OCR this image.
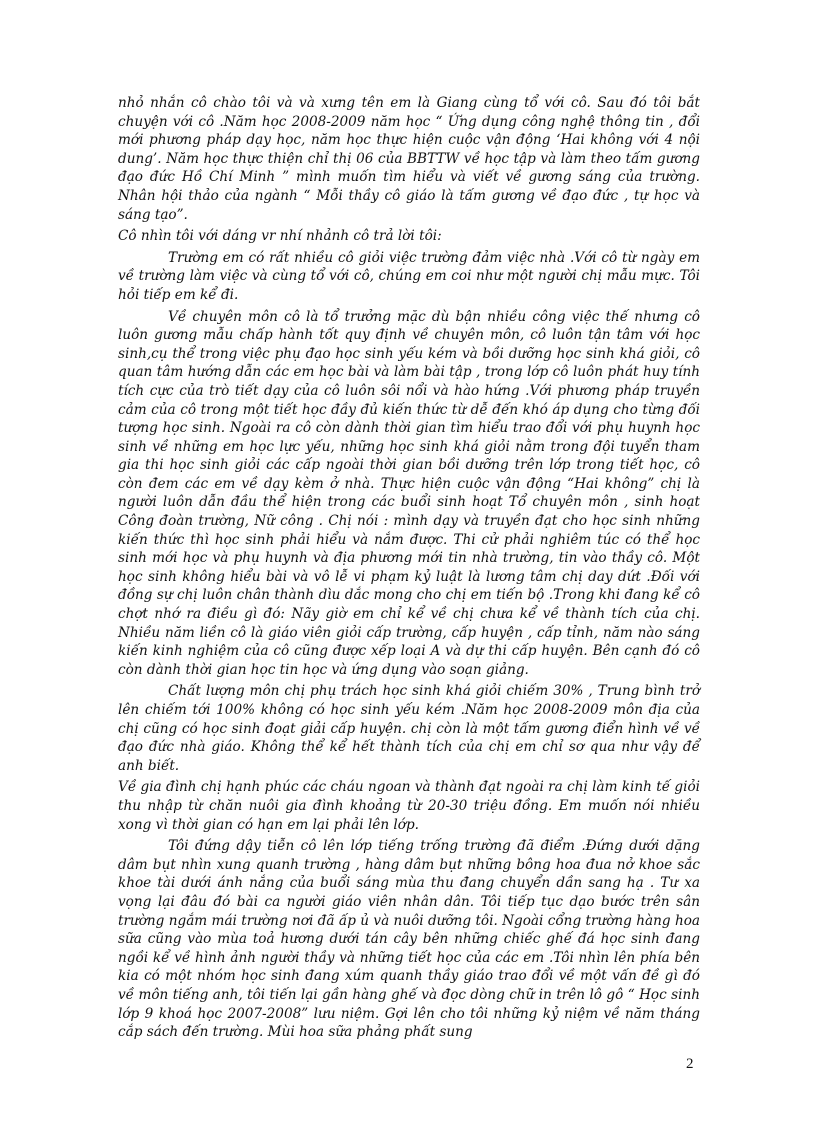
nhỏ nhắn cô chào tôi và và xưng tên em là Giang cùng tổ với cô. Sau đó tôi bắt chuyện với cô .Năm học 2008-2009 năm học “ Ứng dụng công nghệ thông tin , đổi mới phương pháp dạy học, năm học thực hiện cuộc vận động ‘Hai không với 4 nội dung’. Năm học thực thiện chỉ thị 06 của BBTTW về học tập và làm theo tấm gương đạo đức Hồ Chí Minh ” mình muốn tìm hiểu và viết về gương sáng của trường. Nhân hội thảo của ngành “ Mỗi thầy cô giáo là tấm gương về đạo đức , tự học và sáng tạo”.

Cô nhìn tôi với dáng vr nhí nhảnh cô trả lời tôi:

Trường em có rất nhiều cô giỏi việc trường đảm việc nhà .Với cô từ ngày em về trường làm việc và cùng tổ với cô, chúng em coi như một người chị mẫu mực. Tôi hỏi tiếp em kể đi.

Về chuyên môn cô là tổ trưởng mặc dù bận nhiều công việc thế nhưng cô luôn gương mẫu chấp hành tốt quy định về chuyên môn, cô luôn tận tâm với học sinh,cụ thể trong việc phụ đạo học sinh yếu kém và bồi dưỡng học sinh khá giỏi, cô quan tâm hướng dẫn các em học bài và làm bài tập , trong lớp cô luôn phát huy tính tích cực của trò tiết dạy của cô luôn sôi nổi và hào hứng .Với phương pháp truyền cảm của cô trong một tiết học đầy đủ kiến thức từ dễ đến khó áp dụng cho từng đối tượng học sinh. Ngoài ra cô còn dành thời gian tìm hiểu trao đổi với phụ huynh học sinh về những em học lực yếu, những học sinh khá giỏi nằm trong đội tuyển tham gia thi học sinh giỏi các cấp ngoài thời gian bồi dưỡng trên lớp trong tiết học, cô còn đem các em về dạy kèm ở nhà. Thực hiện cuộc vận động “Hai không” chị là người luôn dẫn đầu thể hiện trong các buổi sinh hoạt Tổ chuyên môn , sinh hoạt Công đoàn trường, Nữ công . Chị nói : mình dạy và truyền đạt cho học sinh những kiến thức thì học sinh phải hiểu và nắm được. Thi cử phải nghiêm túc có thể học sinh mới học và phụ huynh và địa phương mới tin nhà trường, tin vào thầy cô. Một học sinh không hiểu bài và vô lễ vi phạm kỷ luật là lương tâm chị day dứt .Đối với đồng sự chị luôn chân thành dìu dắc mong cho chị em tiến bộ .Trong khi đang kể cô chợt nhớ ra điều gì đó: Nãy giờ em chỉ kể về chị chưa kể về thành tích của chị. Nhiều năm liền cô là giáo viên giỏi cấp trường, cấp huyện , cấp tỉnh, năm nào sáng kiến kinh nghiệm của cô cũng được xếp loại A và dự thi cấp huyện. Bên cạnh đó cô còn dành thời gian học tin học và ứng dụng vào soạn giảng.

Chất lượng môn chị phụ trách học sinh khá giỏi chiếm 30% , Trung bình trở lên chiếm tới 100% không có học sinh yếu kém .Năm học 2008-2009 môn địa của chị cũng có học sinh đoạt giải cấp huyện. chị còn là một tấm gương điển hình về về đạo đức nhà giáo. Không thể kể hết thành tích của chị em chỉ sơ qua như vậy để anh biết.

Về gia đình chị hạnh phúc các cháu ngoan và thành đạt ngoài ra chị làm kinh tế giỏi thu nhập từ chăn nuôi gia đình khoảng từ 20-30 triệu đồng. Em muốn nói nhiều xong vì thời gian có hạn em lại phải lên lớp.

Tôi đứng dậy tiễn cô lên lớp tiếng trống trường đã điểm .Đứng dưới dặng dâm bụt nhìn xung quanh trường , hàng dâm bụt những bông hoa đua nở khoe sắc khoe tài dưới ánh nắng của buổi sáng mùa thu đang chuyển dần sang hạ . Tư xa vọng lại đâu đó bài ca người giáo viên nhân dân. Tôi tiếp tục dạo bước trên sân trường ngắm mái trường nơi đã ấp ủ và nuôi dưỡng tôi. Ngoài cổng trường hàng hoa sữa cũng vào mùa toả hương dưới tán cây bên những chiếc ghế đá học sinh đang ngồi kể về hình ảnh người thầy và những tiết học của các em .Tôi nhìn lên phía bên kia có một nhóm học sinh đang xúm quanh thầy giáo trao đổi về một vấn đề gì đó về môn tiếng anh, tôi tiến lại gần hàng ghế và đọc dòng chữ in trên lô gô “ Học sinh lớp 9 khoá học 2007-2008” lưu niệm. Gợi lên cho tôi những kỷ niệm về năm tháng cắp sách đến trường. Mùi hoa sữa phảng phất sung

2
